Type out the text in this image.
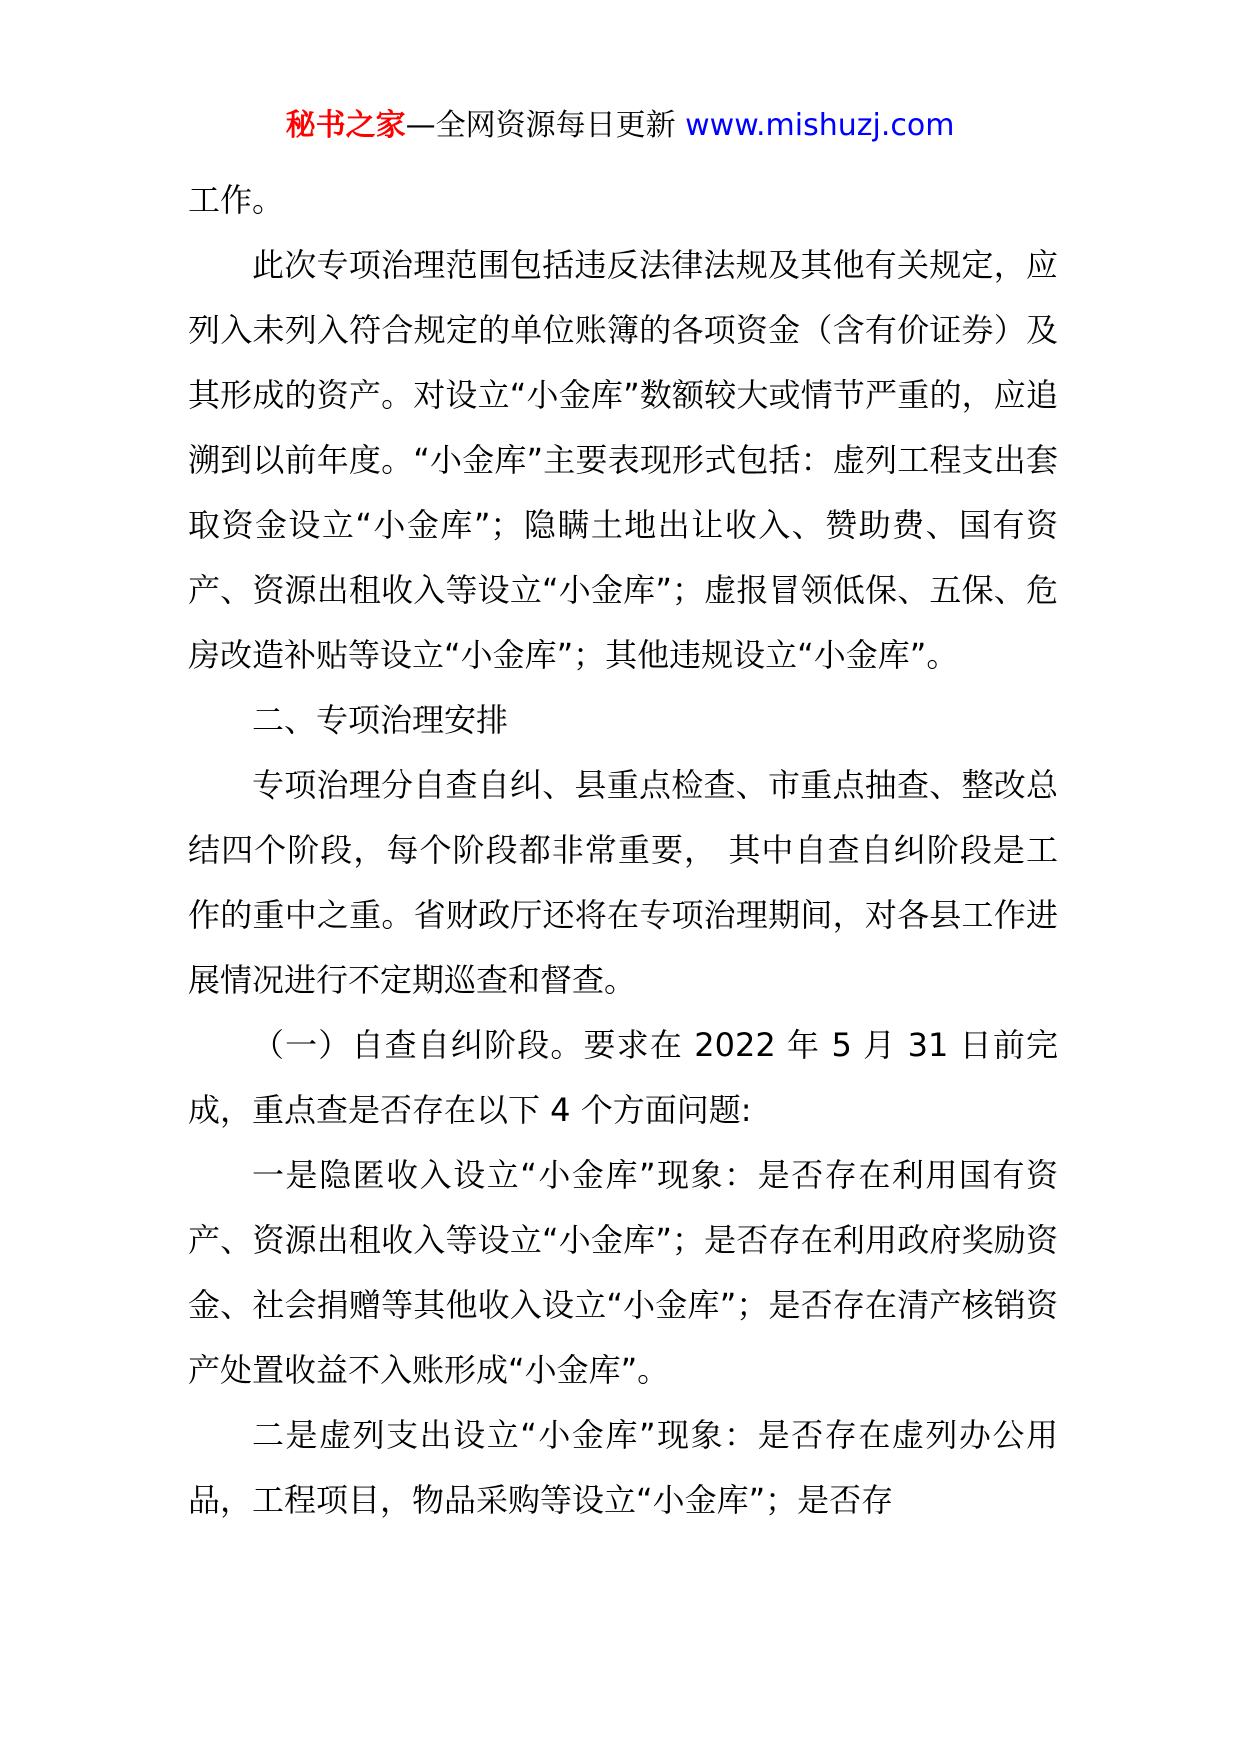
秘书之家—全网资源每日更新 www.mishuzj.com

工作。

此次专项治理范围包括违反法律法规及其他有关规定，应列入未列入符合规定的单位账簿的各项资金（含有价证券）及其形成的资产。对设立“小金库”数额较大或情节严重的，应追溯到以前年度。“小金库”主要表现形式包括：虚列工程支出套取资金设立“小金库”；隐瞒土地出让收入、赞助费、国有资产、资源出租收入等设立“小金库”；虚报冒领低保、五保、危房改造补贴等设立“小金库”；其他违规设立“小金库”。

二、专项治理安排

专项治理分自查自纠、县重点检查、市重点抽查、整改总结四个阶段，每个阶段都非常重要， 其中自查自纠阶段是工作的重中之重。省财政厅还将在专项治理期间，对各县工作进展情况进行不定期巡查和督查。

（一）自查自纠阶段。要求在 2022 年 5 月 31 日前完成，重点查是否存在以下 4 个方面问题:

一是隐匿收入设立“小金库”现象：是否存在利用国有资产、资源出租收入等设立“小金库”；是否存在利用政府奖励资金、社会捐赠等其他收入设立“小金库”；是否存在清产核销资产处置收益不入账形成“小金库”。

二是虚列支出设立“小金库”现象：是否存在虚列办公用品，工程项目，物品采购等设立“小金库”；是否存
